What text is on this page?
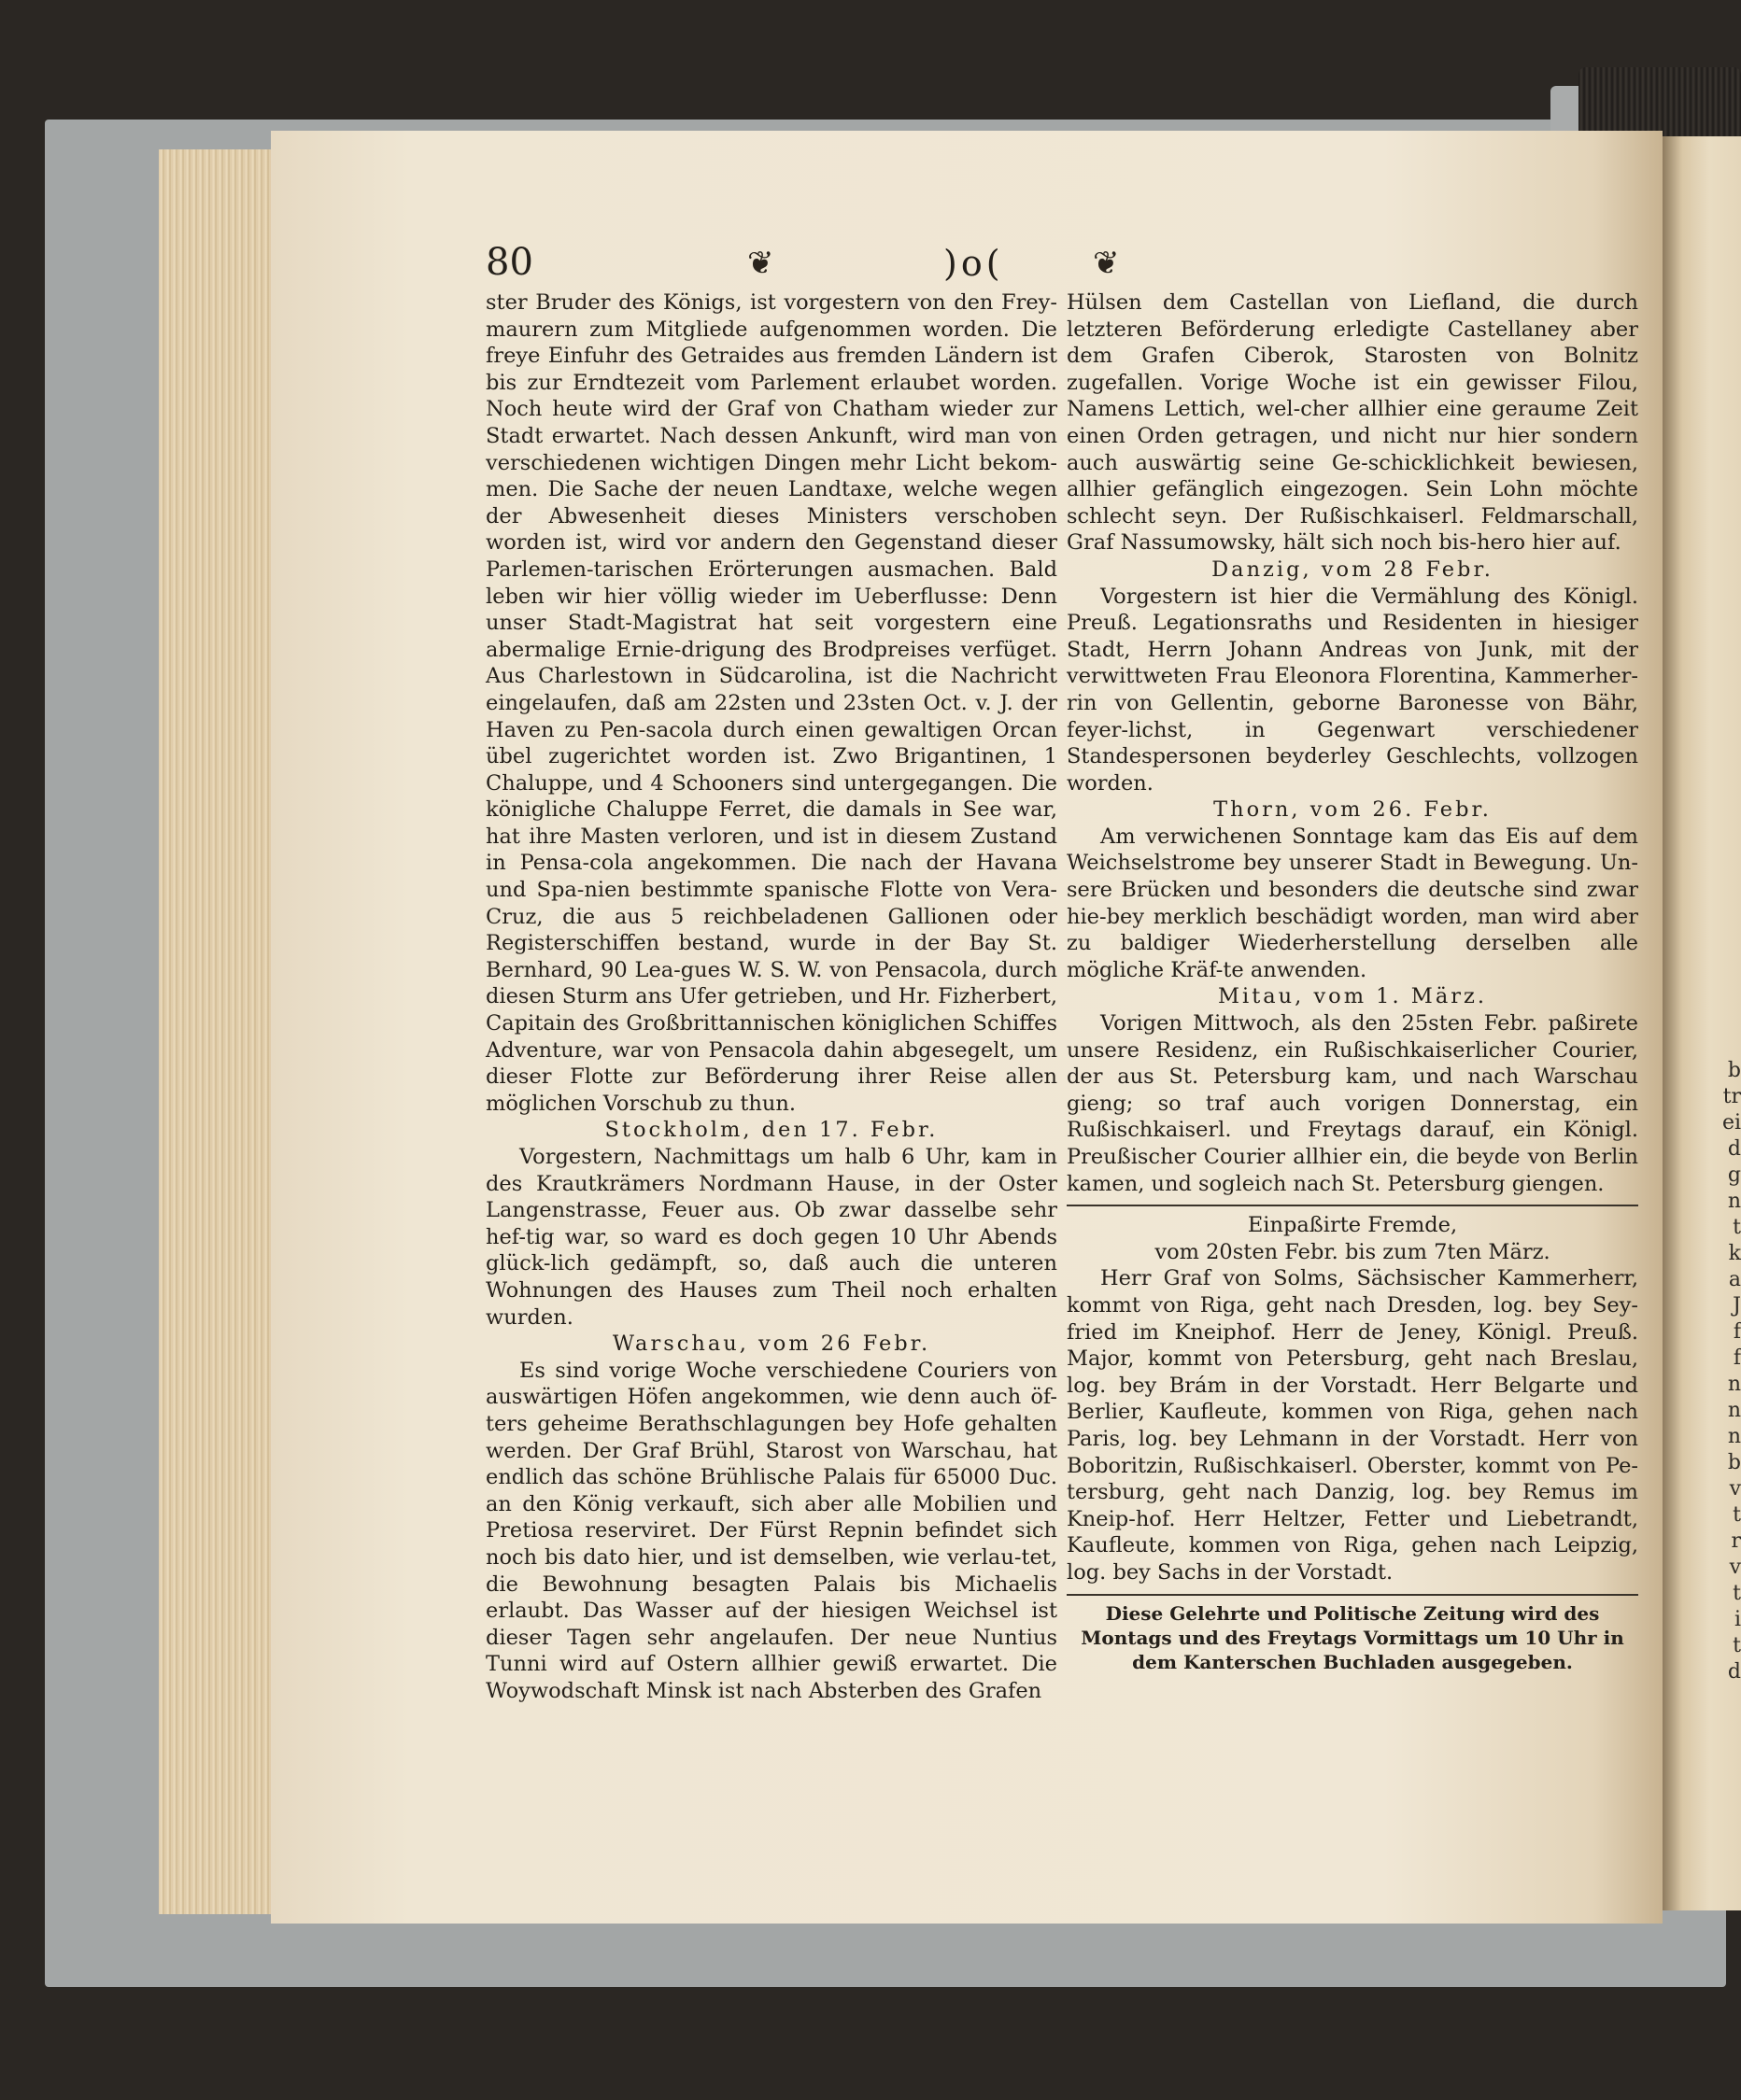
b
tr
ei
d
g
n
t
k
a
J
f
f
n
n
n
b
v
t
r
v
t
i
t
d
80	❦	)o(	❦

ster Bruder des Königs, ist vorgestern von den Frey-maurern zum Mitgliede aufgenommen worden. Die freye Einfuhr des Getraides aus fremden Ländern ist bis zur Erndtezeit vom Parlement erlaubet worden. Noch heute wird der Graf von Chatham wieder zur Stadt erwartet. Nach dessen Ankunft, wird man von verschiedenen wichtigen Dingen mehr Licht bekom-men. Die Sache der neuen Landtaxe, welche wegen der Abwesenheit dieses Ministers verschoben worden ist, wird vor andern den Gegenstand dieser Parlemen-tarischen Erörterungen ausmachen. Bald leben wir hier völlig wieder im Ueberflusse: Denn unser Stadt-Magistrat hat seit vorgestern eine abermalige Ernie-drigung des Brodpreises verfüget. Aus Charlestown in Südcarolina, ist die Nachricht eingelaufen, daß am 22sten und 23sten Oct. v. J. der Haven zu Pen-sacola durch einen gewaltigen Orcan übel zugerichtet worden ist. Zwo Brigantinen, 1 Chaluppe, und 4 Schooners sind untergegangen. Die königliche Chaluppe Ferret, die damals in See war, hat ihre Masten verloren, und ist in diesem Zustand in Pensa-cola angekommen. Die nach der Havana und Spa-nien bestimmte spanische Flotte von Vera-Cruz, die aus 5 reichbeladenen Gallionen oder Registerschiffen bestand, wurde in der Bay St. Bernhard, 90 Lea-gues W. S. W. von Pensacola, durch diesen Sturm ans Ufer getrieben, und Hr. Fizherbert, Capitain des Großbrittannischen königlichen Schiffes Adventure, war von Pensacola dahin abgesegelt, um dieser Flotte zur Beförderung ihrer Reise allen möglichen Vorschub zu thun.

Stockholm, den 17. Febr.

Vorgestern, Nachmittags um halb 6 Uhr, kam in des Krautkrämers Nordmann Hause, in der Oster Langenstrasse, Feuer aus. Ob zwar dasselbe sehr hef-tig war, so ward es doch gegen 10 Uhr Abends glück-lich gedämpft, so, daß auch die unteren Wohnungen des Hauses zum Theil noch erhalten wurden.

Warschau, vom 26 Febr.

Es sind vorige Woche verschiedene Couriers von auswärtigen Höfen angekommen, wie denn auch öf-ters geheime Berathschlagungen bey Hofe gehalten werden. Der Graf Brühl, Starost von Warschau, hat endlich das schöne Brühlische Palais für 65000 Duc. an den König verkauft, sich aber alle Mobilien und Pretiosa reserviret. Der Fürst Repnin befindet sich noch bis dato hier, und ist demselben, wie verlau-tet, die Bewohnung besagten Palais bis Michaelis erlaubt. Das Wasser auf der hiesigen Weichsel ist dieser Tagen sehr angelaufen. Der neue Nuntius Tunni wird auf Ostern allhier gewiß erwartet. Die Woywodschaft Minsk ist nach Absterben des Grafen

Hülsen dem Castellan von Liefland, die durch letzteren Beförderung erledigte Castellaney aber dem Grafen Ciberok, Starosten von Bolnitz zugefallen. Vorige Woche ist ein gewisser Filou, Namens Lettich, wel-cher allhier eine geraume Zeit einen Orden getragen, und nicht nur hier sondern auch auswärtig seine Ge-schicklichkeit bewiesen, allhier gefänglich eingezogen. Sein Lohn möchte schlecht seyn. Der Rußischkaiserl. Feldmarschall, Graf Nassumowsky, hält sich noch bis-hero hier auf.

Danzig, vom 28 Febr.

Vorgestern ist hier die Vermählung des Königl. Preuß. Legationsraths und Residenten in hiesiger Stadt, Herrn Johann Andreas von Junk, mit der verwittweten Frau Eleonora Florentina, Kammerher-rin von Gellentin, geborne Baronesse von Bähr, feyer-lichst, in Gegenwart verschiedener Standespersonen beyderley Geschlechts, vollzogen worden.

Thorn, vom 26. Febr.

Am verwichenen Sonntage kam das Eis auf dem Weichselstrome bey unserer Stadt in Bewegung. Un-sere Brücken und besonders die deutsche sind zwar hie-bey merklich beschädigt worden, man wird aber zu baldiger Wiederherstellung derselben alle mögliche Kräf-te anwenden.

Mitau, vom 1. März.

Vorigen Mittwoch, als den 25sten Febr. paßirete unsere Residenz, ein Rußischkaiserlicher Courier, der aus St. Petersburg kam, und nach Warschau gieng; so traf auch vorigen Donnerstag, ein Rußischkaiserl. und Freytags darauf, ein Königl. Preußischer Courier allhier ein, die beyde von Berlin kamen, und sogleich nach St. Petersburg giengen.

Einpaßirte Fremde,

vom 20sten Febr. bis zum 7ten März.

Herr Graf von Solms, Sächsischer Kammerherr, kommt von Riga, geht nach Dresden, log. bey Sey-fried im Kneiphof. Herr de Jeney, Königl. Preuß. Major, kommt von Petersburg, geht nach Breslau, log. bey Brám in der Vorstadt. Herr Belgarte und Berlier, Kaufleute, kommen von Riga, gehen nach Paris, log. bey Lehmann in der Vorstadt. Herr von Boboritzin, Rußischkaiserl. Oberster, kommt von Pe-tersburg, geht nach Danzig, log. bey Remus im Kneip-hof. Herr Heltzer, Fetter und Liebetrandt, Kaufleute, kommen von Riga, gehen nach Leipzig, log. bey Sachs in der Vorstadt.

Diese Gelehrte und Politische Zeitung wird des Montags und des Freytags Vormittags um 10 Uhr in dem Kanterschen Buchladen ausgegeben.
